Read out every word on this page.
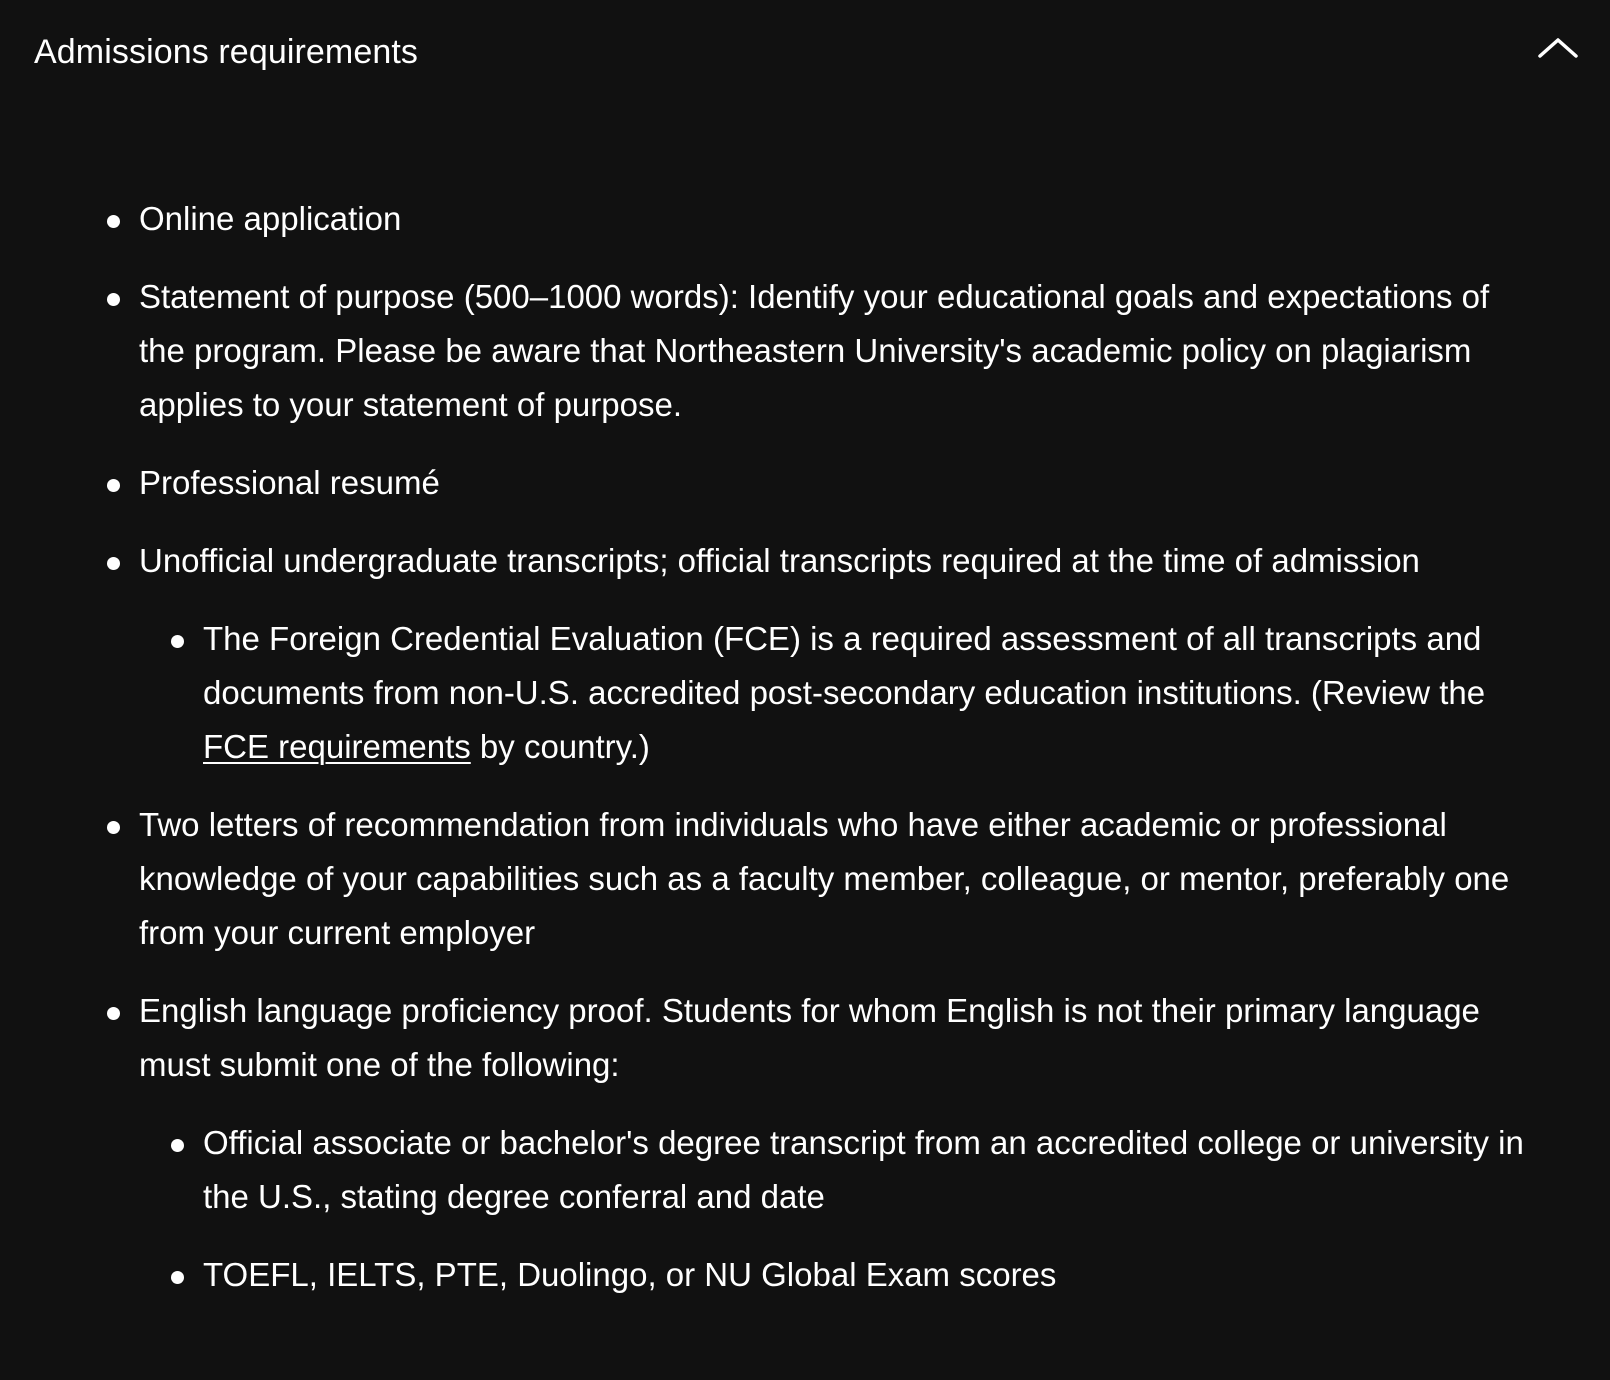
Admissions requirements
Online application
Statement of purpose (500–1000 words): Identify your educational goals and expectations of the program. Please be aware that Northeastern University's academic policy on plagiarism applies to your statement of purpose.
Professional resumé
Unofficial undergraduate transcripts; official transcripts required at the time of admission
The Foreign Credential Evaluation (FCE) is a required assessment of all transcripts and documents from non-U.S. accredited post-secondary education institutions. (Review the FCE requirements by country.)
Two letters of recommendation from individuals who have either academic or professional knowledge of your capabilities such as a faculty member, colleague, or mentor, preferably one from your current employer
English language proficiency proof. Students for whom English is not their primary language must submit one of the following:
Official associate or bachelor's degree transcript from an accredited college or university in the U.S., stating degree conferral and date
TOEFL, IELTS, PTE, Duolingo, or NU Global Exam scores
